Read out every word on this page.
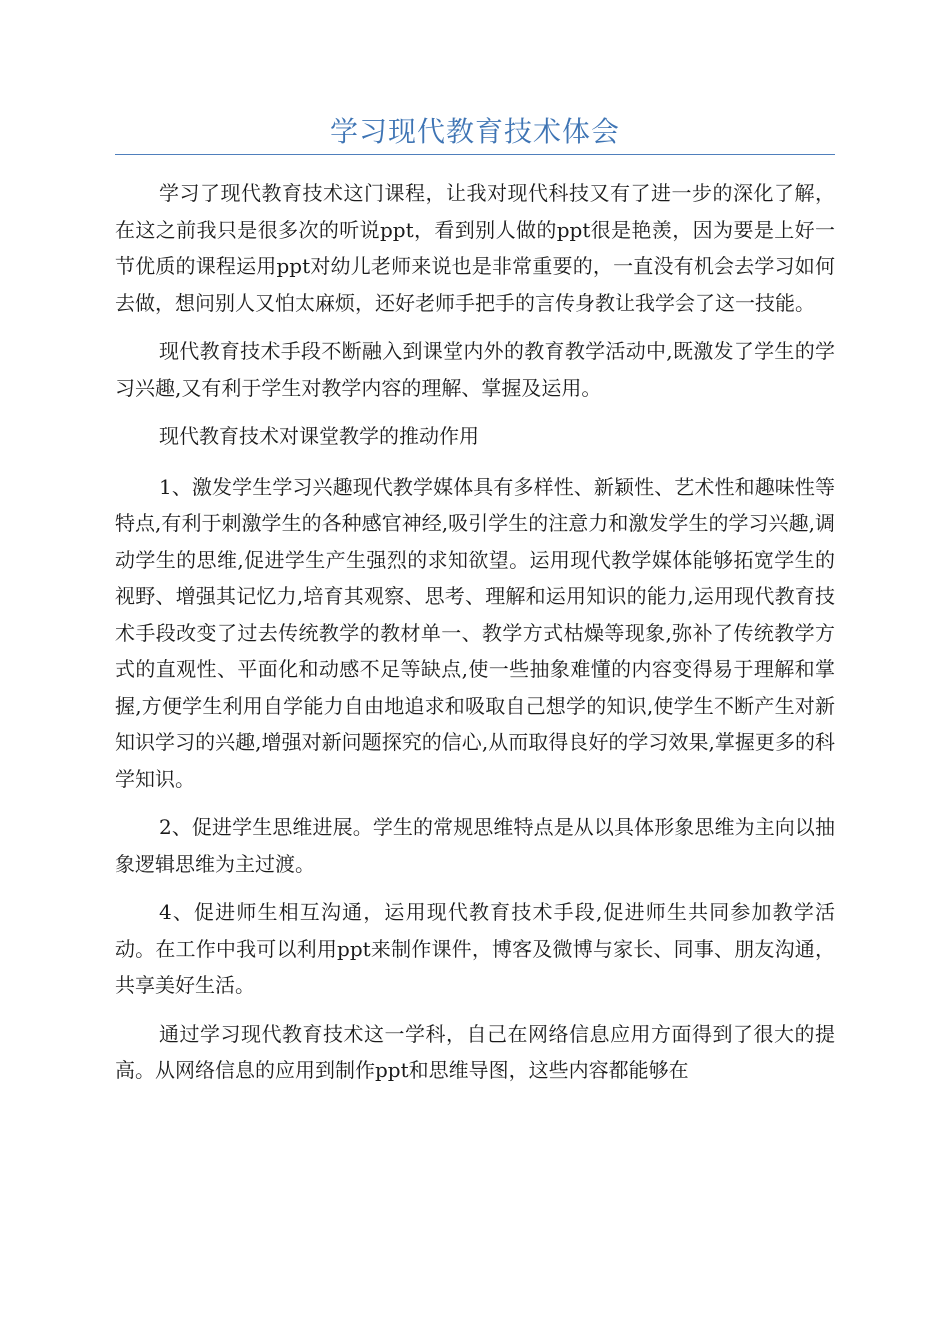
学习现代教育技术体会

学习了现代教育技术这门课程，让我对现代科技又有了进一步的深化了解，在这之前我只是很多次的听说ppt，看到别人做的ppt很是艳羡，因为要是上好一节优质的课程运用ppt对幼儿老师来说也是非常重要的，一直没有机会去学习如何去做，想问别人又怕太麻烦，还好老师手把手的言传身教让我学会了这一技能。

现代教育技术手段不断融入到课堂内外的教育教学活动中,既激发了学生的学习兴趣,又有利于学生对教学内容的理解、掌握及运用。

现代教育技术对课堂教学的推动作用

1、激发学生学习兴趣现代教学媒体具有多样性、新颖性、艺术性和趣味性等特点,有利于刺激学生的各种感官神经,吸引学生的注意力和激发学生的学习兴趣,调动学生的思维,促进学生产生强烈的求知欲望。运用现代教学媒体能够拓宽学生的视野、增强其记忆力,培育其观察、思考、理解和运用知识的能力,运用现代教育技术手段改变了过去传统教学的教材单一、教学方式枯燥等现象,弥补了传统教学方式的直观性、平面化和动感不足等缺点,使一些抽象难懂的内容变得易于理解和掌握,方便学生利用自学能力自由地追求和吸取自己想学的知识,使学生不断产生对新知识学习的兴趣,增强对新问题探究的信心,从而取得良好的学习效果,掌握更多的科学知识。

2、促进学生思维进展。学生的常规思维特点是从以具体形象思维为主向以抽象逻辑思维为主过渡。

4、促进师生相互沟通，运用现代教育技术手段,促进师生共同参加教学活动。在工作中我可以利用ppt来制作课件，博客及微博与家长、同事、朋友沟通，共享美好生活。

通过学习现代教育技术这一学科，自己在网络信息应用方面得到了很大的提高。从网络信息的应用到制作ppt和思维导图，这些内容都能够在
